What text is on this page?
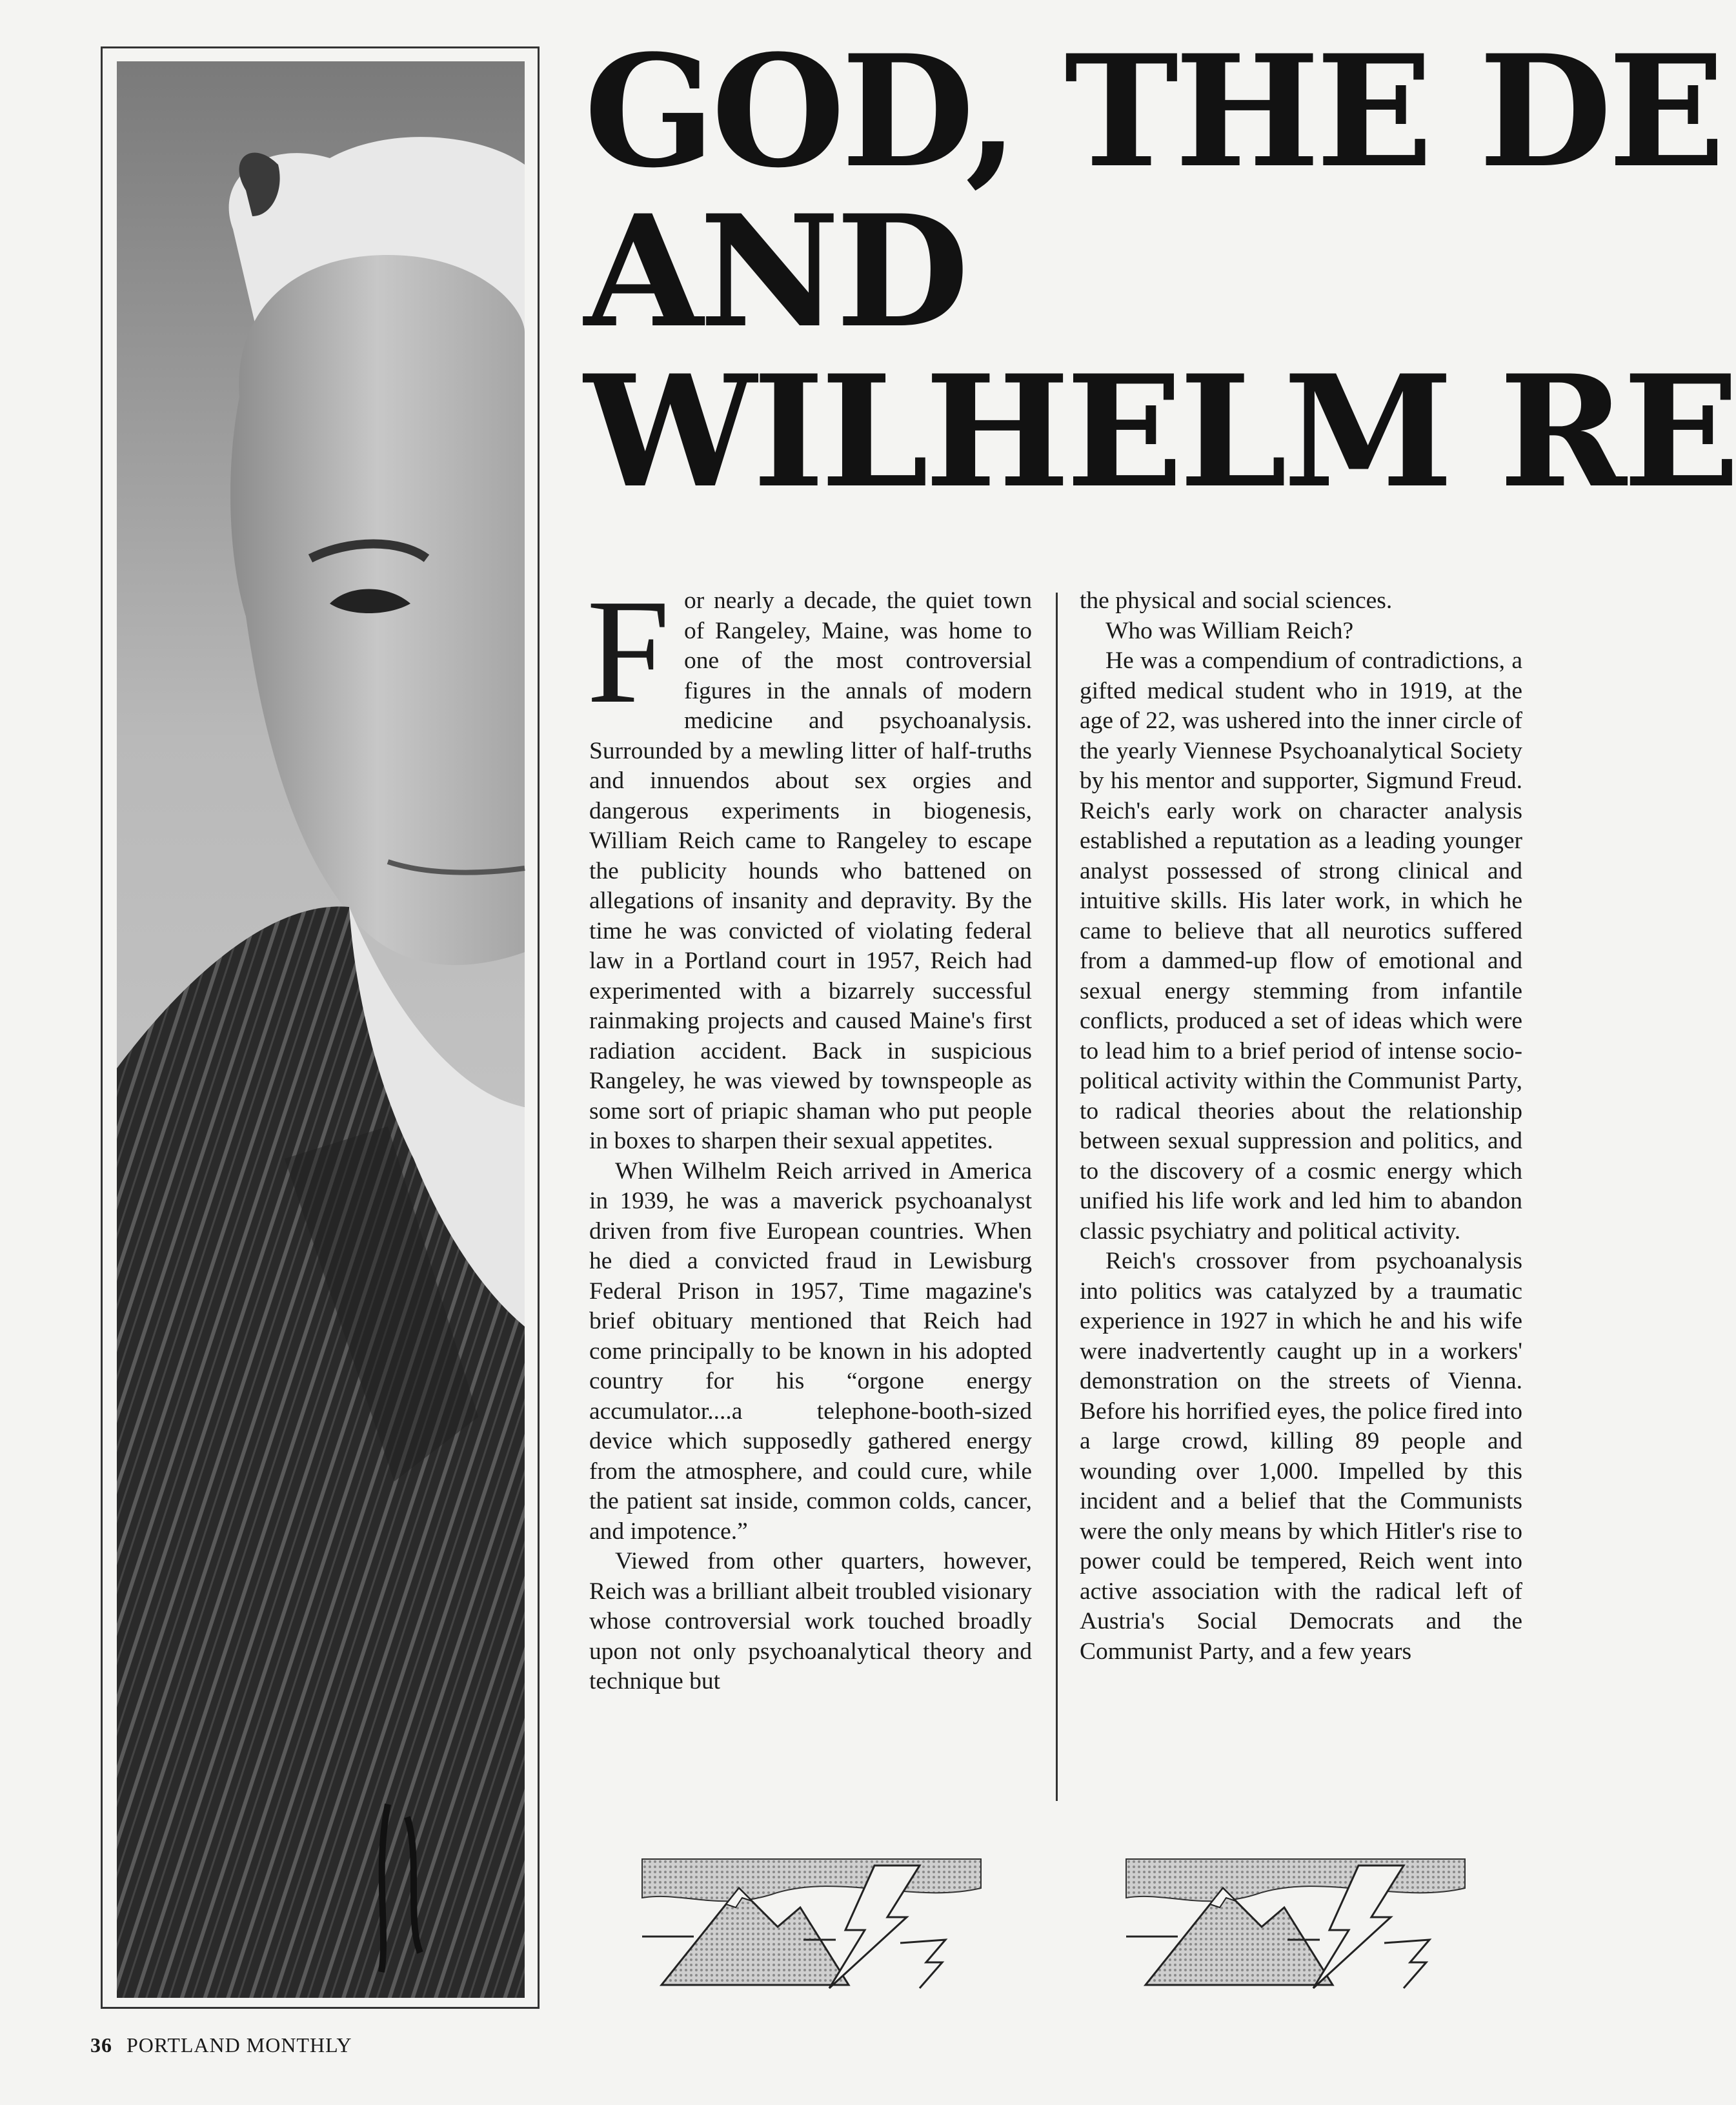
GOD, THE DE
AND
WILHELM RE

For nearly a decade, the quiet town of Rangeley, Maine, was home to one of the most controversial figures in the annals of modern medicine and psychoanalysis. Surrounded by a mewling litter of half-truths and innuendos about sex orgies and dangerous experiments in biogenesis, William Reich came to Rangeley to escape the publicity hounds who battened on allegations of insanity and depravity. By the time he was convicted of violating federal law in a Portland court in 1957, Reich had experimented with a bizarrely successful rainmaking projects and caused Maine's first radiation accident. Back in suspicious Rangeley, he was viewed by townspeople as some sort of priapic shaman who put people in boxes to sharpen their sexual appetites.

When Wilhelm Reich arrived in America in 1939, he was a maverick psychoanalyst driven from five European countries. When he died a convicted fraud in Lewisburg Federal Prison in 1957, Time magazine's brief obituary mentioned that Reich had come principally to be known in his adopted country for his “orgone energy accumulator....a telephone-booth-sized device which supposedly gathered energy from the atmosphere, and could cure, while the patient sat inside, common colds, cancer, and impotence.”

Viewed from other quarters, however, Reich was a brilliant albeit troubled visionary whose controversial work touched broadly upon not only psychoanalytical theory and technique but

the physical and social sciences.

Who was William Reich?

He was a compendium of contradictions, a gifted medical student who in 1919, at the age of 22, was ushered into the inner circle of the yearly Viennese Psychoanalytical Society by his mentor and supporter, Sigmund Freud. Reich's early work on character analysis established a reputation as a leading younger analyst possessed of strong clinical and intuitive skills. His later work, in which he came to believe that all neurotics suffered from a dammed-up flow of emotional and sexual energy stemming from infantile conflicts, produced a set of ideas which were to lead him to a brief period of intense socio-political activity within the Communist Party, to radical theories about the relationship between sexual suppression and politics, and to the discovery of a cosmic energy which unified his life work and led him to abandon classic psychiatry and political activity.

Reich's crossover from psychoanalysis into politics was catalyzed by a traumatic experience in 1927 in which he and his wife were inadvertently caught up in a workers' demonstration on the streets of Vienna. Before his horrified eyes, the police fired into a large crowd, killing 89 people and wounding over 1,000. Impelled by this incident and a belief that the Communists were the only means by which Hitler's rise to power could be tempered, Reich went into active association with the radical left of Austria's Social Democrats and the Communist Party, and a few years

36 PORTLAND MONTHLY
